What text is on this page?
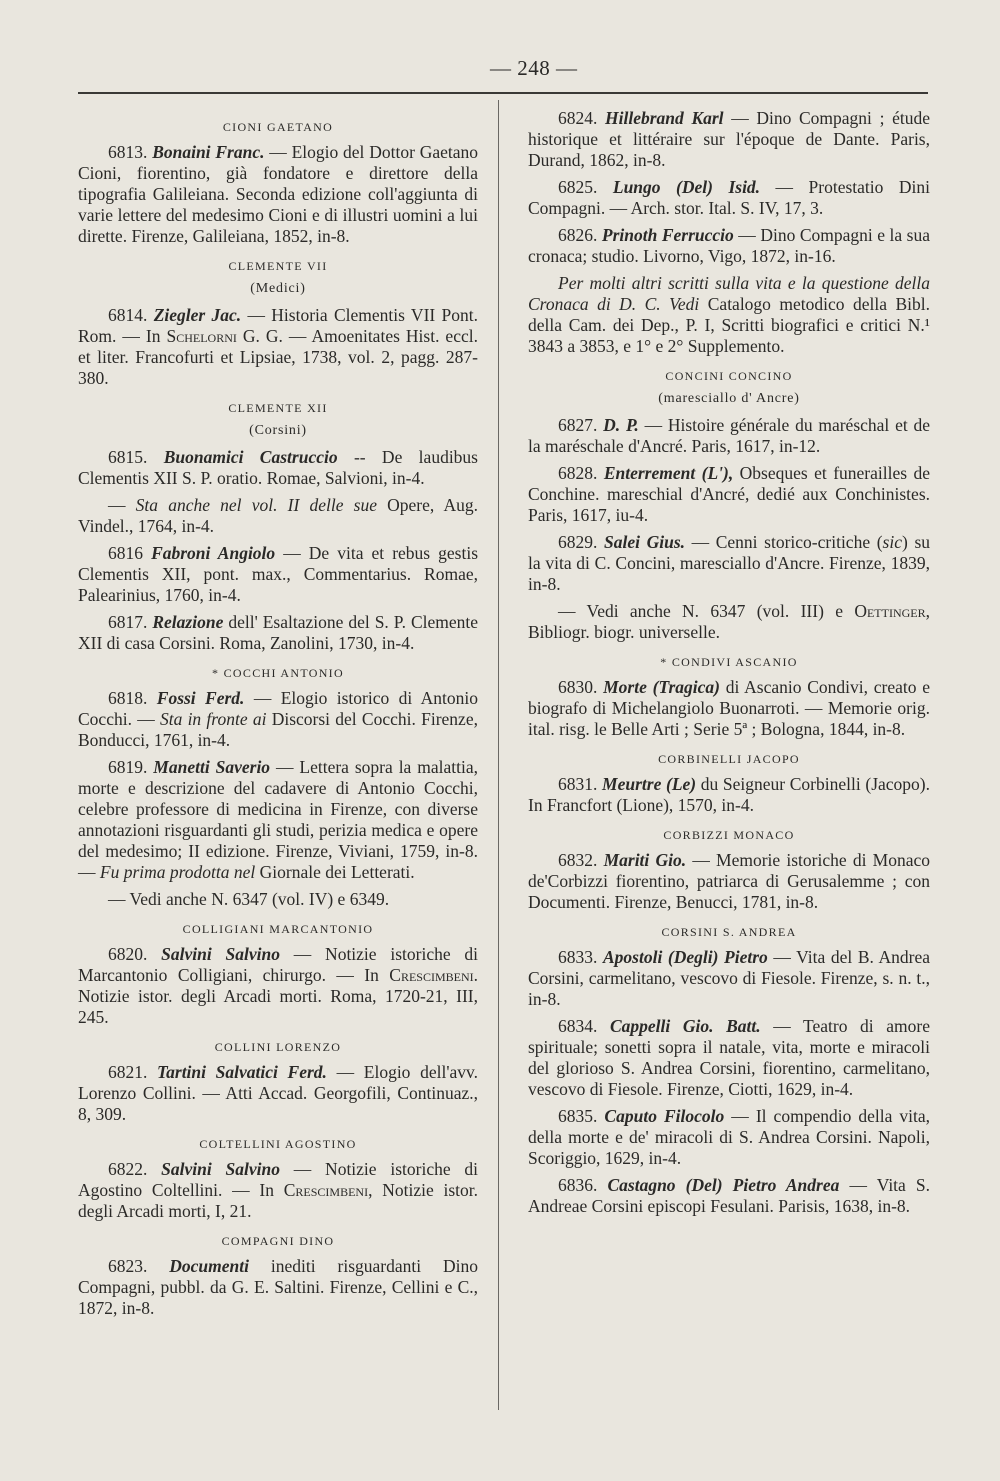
— 248 —
CIONI GAETANO

6813. Bonaini Franc. — Elogio del Dottor Gaetano Cioni, fiorentino, già fondatore e direttore della tipografia Galileiana. Seconda edizione coll'aggiunta di varie lettere del medesimo Cioni e di illustri uomini a lui dirette. Firenze, Galileiana, 1852, in-8.

CLEMENTE VII
(Medici)

6814. Ziegler Jac. — Historia Clementis VII Pont. Rom. — In Schelorni G. G. — Amoenitates Hist. eccl. et liter. Francofurti et Lipsiae, 1738, vol. 2, pagg. 287-380.

CLEMENTE XII
(Corsini)

6815. Buonamici Castruccio -- De laudibus Clementis XII S. P. oratio. Romae, Salvioni, in-4.

— Sta anche nel vol. II delle sue Opere, Aug. Vindel., 1764, in-4.

6816 Fabroni Angiolo — De vita et rebus gestis Clementis XII, pont. max., Commentarius. Romae, Palearinius, 1760, in-4.

6817. Relazione dell' Esaltazione del S. P. Clemente XII di casa Corsini. Roma, Zanolini, 1730, in-4.

* COCCHI ANTONIO

6818. Fossi Ferd. — Elogio istorico di Antonio Cocchi. — Sta in fronte ai Discorsi del Cocchi. Firenze, Bonducci, 1761, in-4.

6819. Manetti Saverio — Lettera sopra la malattia, morte e descrizione del cadavere di Antonio Cocchi, celebre professore di medicina in Firenze, con diverse annotazioni risguardanti gli studi, perizia medica e opere del medesimo; II edizione. Firenze, Viviani, 1759, in-8. — Fu prima prodotta nel Giornale dei Letterati.

— Vedi anche N. 6347 (vol. IV) e 6349.

COLLIGIANI MARCANTONIO

6820. Salvini Salvino — Notizie istoriche di Marcantonio Colligiani, chirurgo. — In Crescimbeni. Notizie istor. degli Arcadi morti. Roma, 1720-21, III, 245.

COLLINI LORENZO

6821. Tartini Salvatici Ferd. — Elogio dell'avv. Lorenzo Collini. — Atti Accad. Georgofili, Continuaz., 8, 309.

COLTELLINI AGOSTINO

6822. Salvini Salvino — Notizie istoriche di Agostino Coltellini. — In Crescimbeni, Notizie istor. degli Arcadi morti, I, 21.

COMPAGNI DINO

6823. Documenti inediti risguardanti Dino Compagni, pubbl. da G. E. Saltini. Firenze, Cellini e C., 1872, in-8.

6824. Hillebrand Karl — Dino Compagni ; étude historique et littéraire sur l'époque de Dante. Paris, Durand, 1862, in-8.

6825. Lungo (Del) Isid. — Protestatio Dini Compagni. — Arch. stor. Ital. S. IV, 17, 3.

6826. Prinoth Ferruccio — Dino Compagni e la sua cronaca; studio. Livorno, Vigo, 1872, in-16.

Per molti altri scritti sulla vita e la questione della Cronaca di D. C. Vedi Catalogo metodico della Bibl. della Cam. dei Dep., P. I, Scritti biografici e critici N.¹ 3843 a 3853, e 1° e 2° Supplemento.

CONCINI CONCINO
(maresciallo d' Ancre)

6827. D. P. — Histoire générale du maréschal et de la maréschale d'Ancré. Paris, 1617, in-12.

6828. Enterrement (L'), Obseques et funerailles de Conchine. mareschial d'Ancré, dedié aux Conchinistes. Paris, 1617, iu-4.

6829. Salei Gius. — Cenni storico-critiche (sic) su la vita di C. Concini, maresciallo d'Ancre. Firenze, 1839, in-8.

— Vedi anche N. 6347 (vol. III) e Oettinger, Bibliogr. biogr. universelle.

* CONDIVI ASCANIO

6830. Morte (Tragica) di Ascanio Condivi, creato e biografo di Michelangiolo Buonarroti. — Memorie orig. ital. risg. le Belle Arti ; Serie 5ª ; Bologna, 1844, in-8.

CORBINELLI JACOPO

6831. Meurtre (Le) du Seigneur Corbinelli (Jacopo). In Francfort (Lione), 1570, in-4.

CORBIZZI MONACO

6832. Mariti Gio. — Memorie istoriche di Monaco de'Corbizzi fiorentino, patriarca di Gerusalemme ; con Documenti. Firenze, Benucci, 1781, in-8.

CORSINI S. ANDREA

6833. Apostoli (Degli) Pietro — Vita del B. Andrea Corsini, carmelitano, vescovo di Fiesole. Firenze, s. n. t., in-8.

6834. Cappelli Gio. Batt. — Teatro di amore spirituale; sonetti sopra il natale, vita, morte e miracoli del glorioso S. Andrea Corsini, fiorentino, carmelitano, vescovo di Fiesole. Firenze, Ciotti, 1629, in-4.

6835. Caputo Filocolo — Il compendio della vita, della morte e de' miracoli di S. Andrea Corsini. Napoli, Scoriggio, 1629, in-4.

6836. Castagno (Del) Pietro Andrea — Vita S. Andreae Corsini episcopi Fesulani. Parisis, 1638, in-8.
